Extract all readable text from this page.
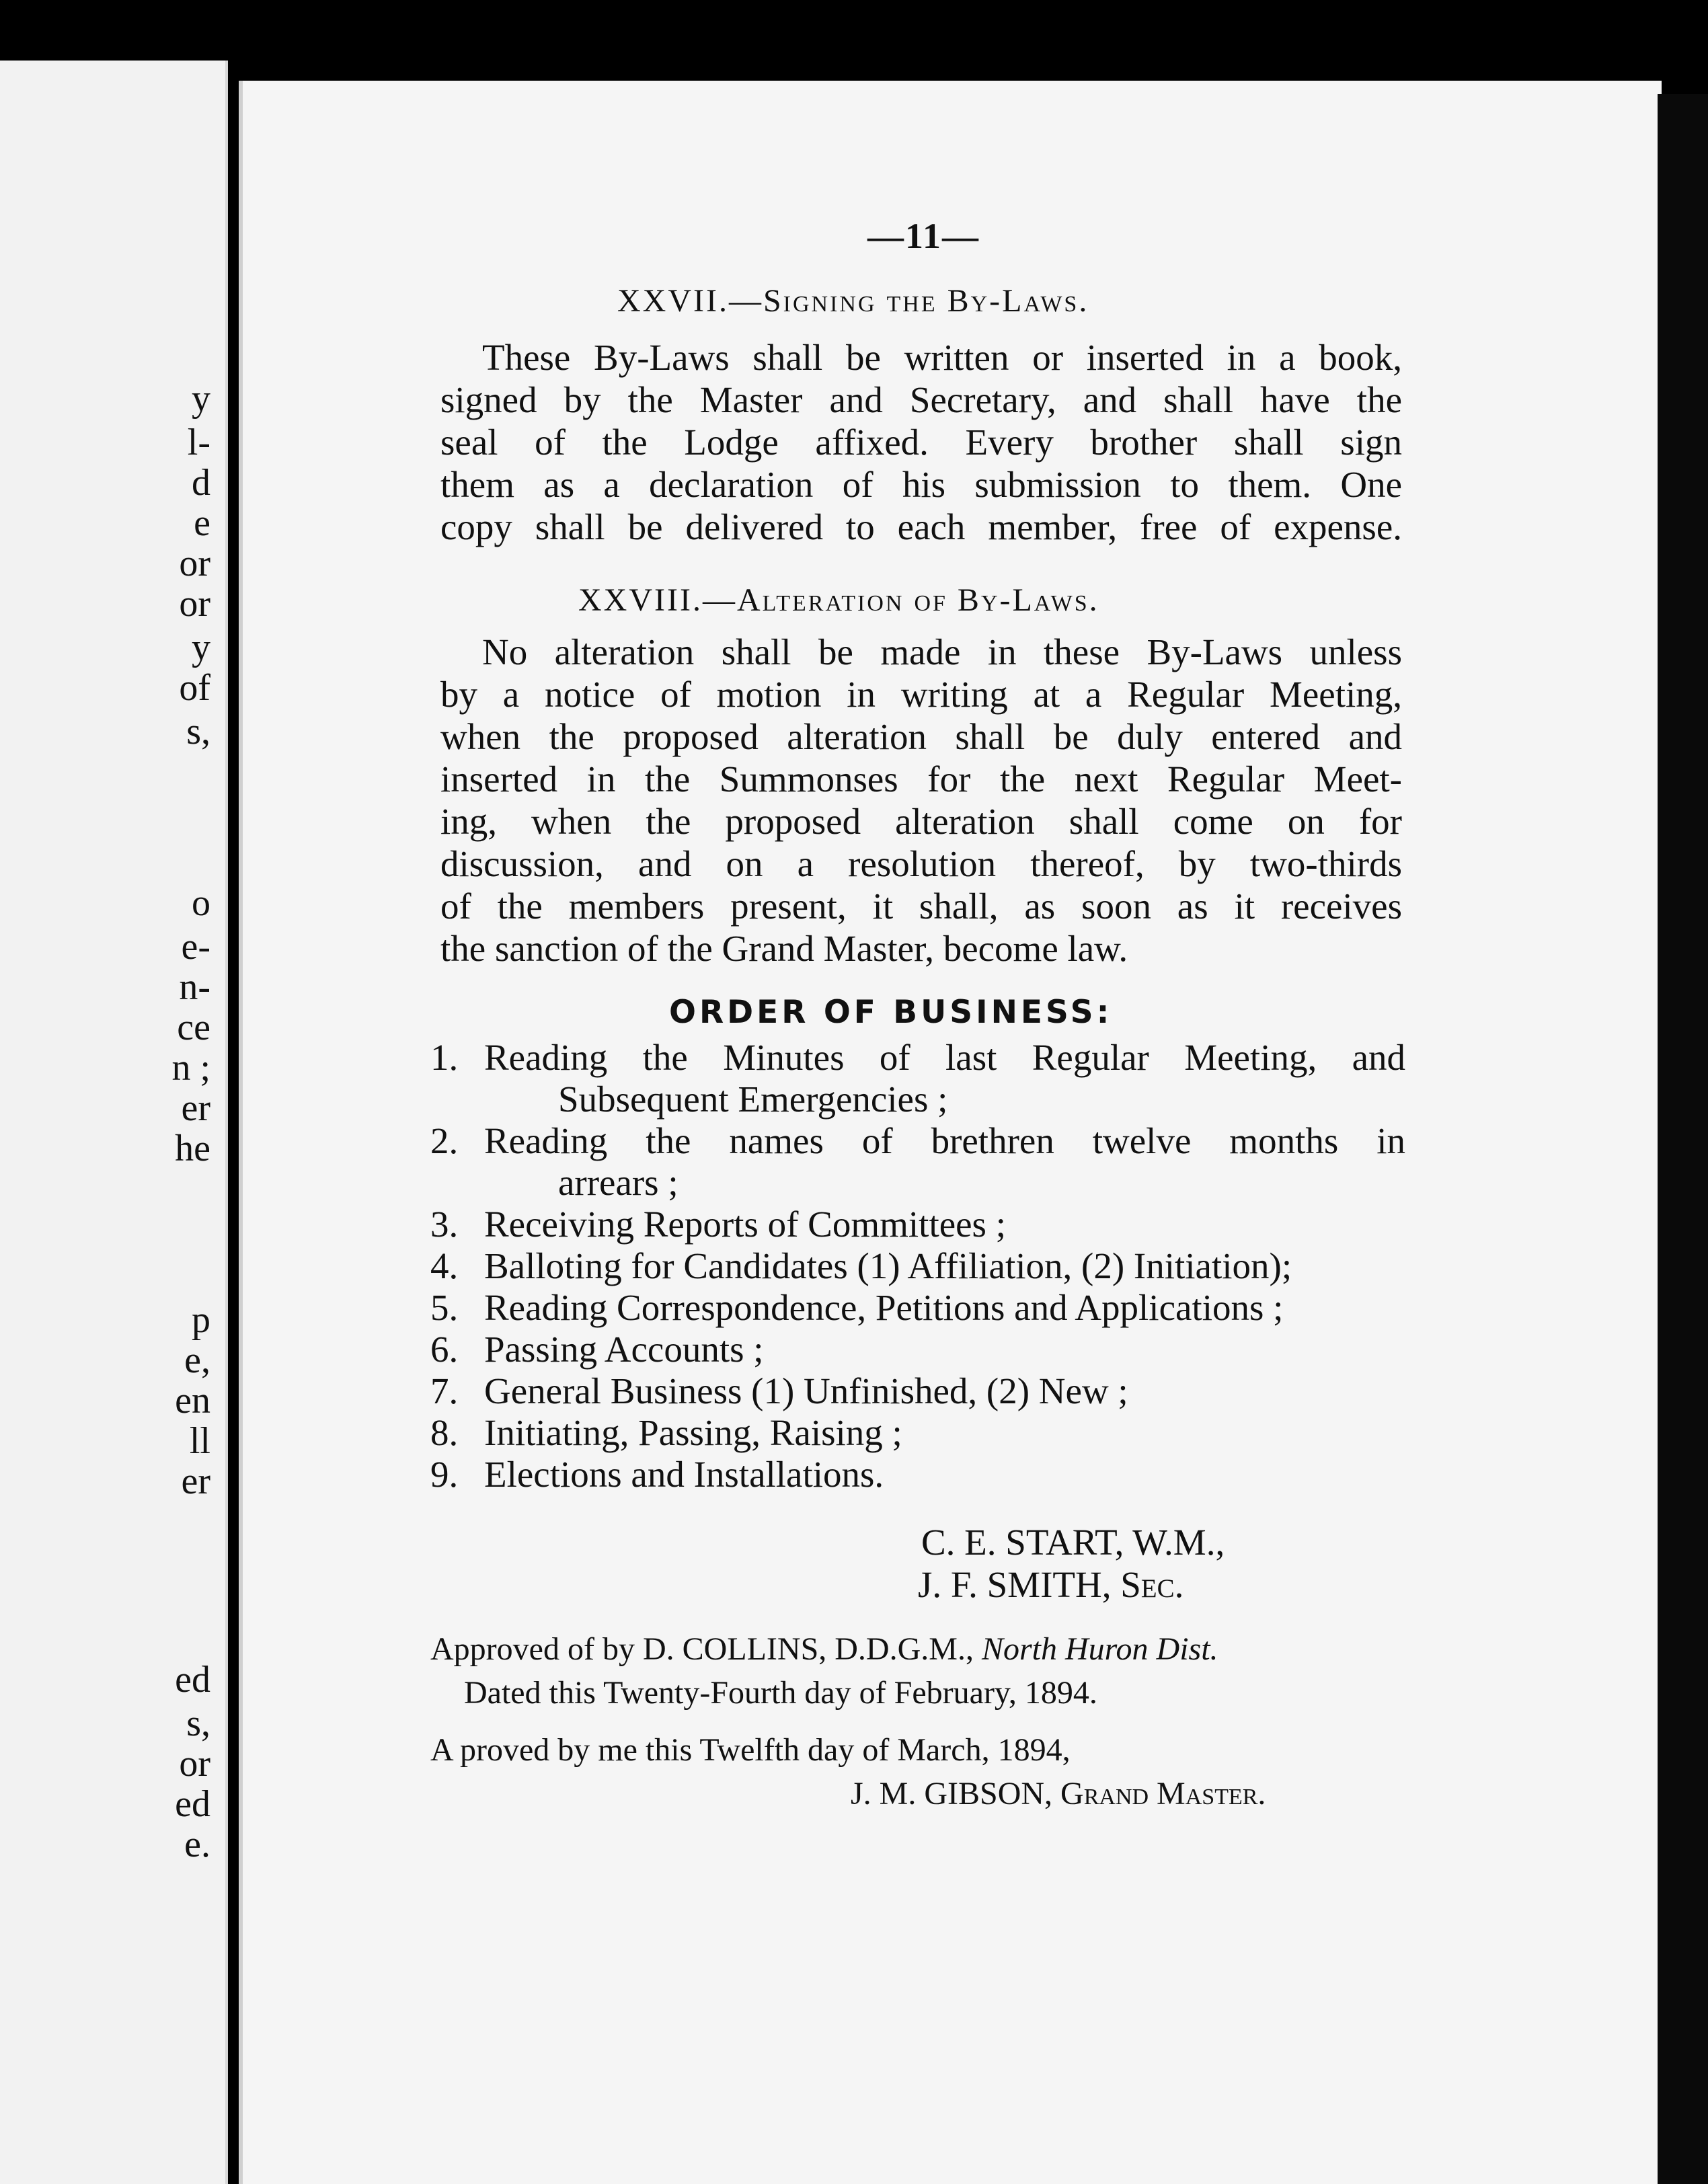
y
l-
d
e
or
or
y
of
s,
o
e-
n-
ce
n ;
er
he
p
e,
en
ll
er
ed
s,
or
ed
e.
—11—
XXVII.—Signing the By-Laws.
These By-Laws shall be written or inserted in a book,
signed by the Master and Secretary, and shall have the
seal of the Lodge affixed. Every brother shall sign
them as a declaration of his submission to them. One
copy shall be delivered to each member, free of expense.
XXVIII.—Alteration of By-Laws.
No alteration shall be made in these By-Laws unless
by a notice of motion in writing at a Regular Meeting,
when the proposed alteration shall be duly entered and
inserted in the Summonses for the next Regular Meet-
ing, when the proposed alteration shall come on for
discussion, and on a resolution thereof, by two-thirds
of the members present, it shall, as soon as it receives
the sanction of the Grand Master, become law.
ORDER OF BUSINESS:
1. Reading the Minutes of last Regular Meeting, and
Subsequent Emergencies ;
2. Reading the names of brethren twelve months in
arrears ;
3. Receiving Reports of Committees ;
4. Balloting for Candidates (1) Affiliation, (2) Initiation);
5. Reading Correspondence, Petitions and Applications ;
6. Passing Accounts ;
7. General Business (1) Unfinished, (2) New ;
8. Initiating, Passing, Raising ;
9. Elections and Installations.
C. E. START, W.M.,
J. F. SMITH, Sec.
Approved of by D. COLLINS, D.D.G.M., North Huron Dist.
Dated this Twenty-Fourth day of February, 1894.
A proved by me this Twelfth day of March, 1894,
J. M. GIBSON, Grand Master.
